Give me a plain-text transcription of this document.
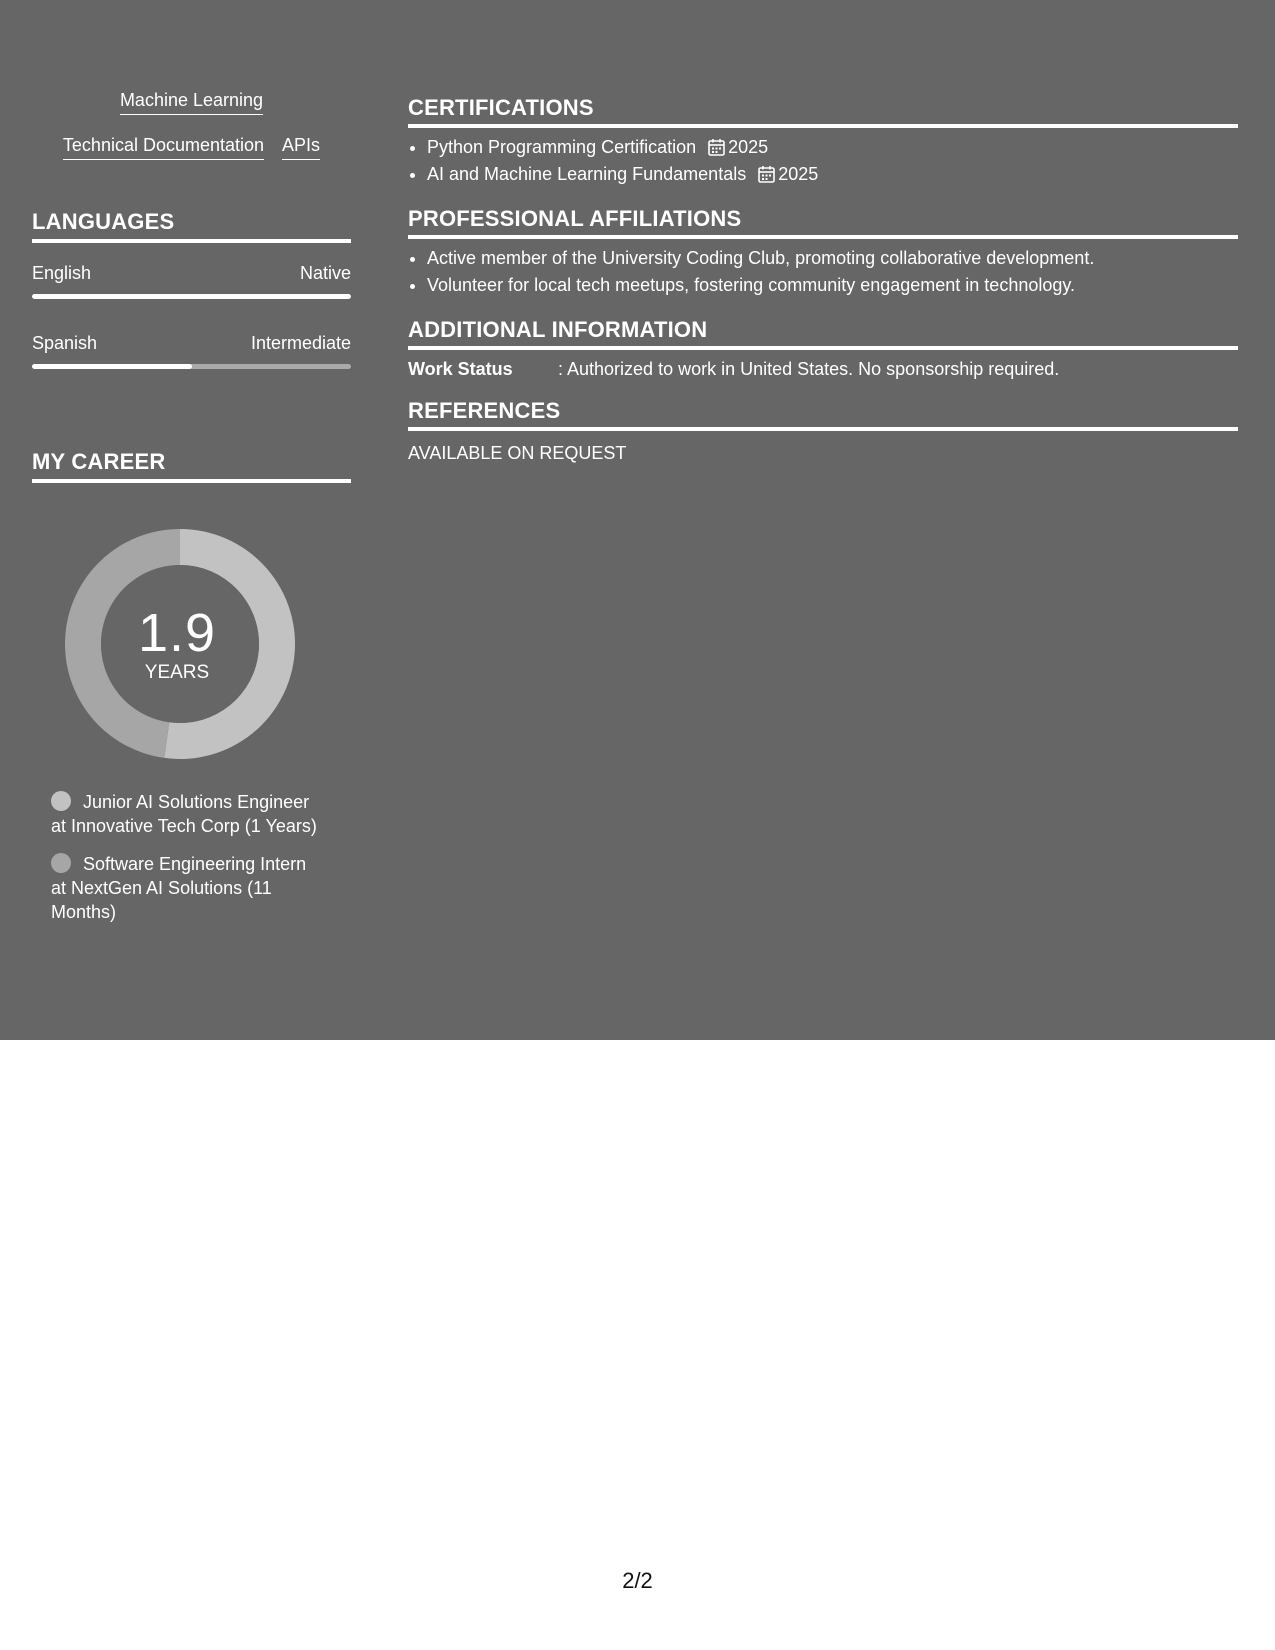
Machine Learning
Technical Documentation APIs
LANGUAGES
English	Native
Spanish	Intermediate
MY CAREER
1.9
YEARS
Junior AI Solutions Engineer at Innovative Tech Corp (1 Years)
Software Engineering Intern at NextGen AI Solutions (11 Months)
CERTIFICATIONS
• Python Programming Certification 2025
• AI and Machine Learning Fundamentals 2025
PROFESSIONAL AFFILIATIONS
• Active member of the University Coding Club, promoting collaborative development.
• Volunteer for local tech meetups, fostering community engagement in technology.
ADDITIONAL INFORMATION
Work Status	: Authorized to work in United States. No sponsorship required.
REFERENCES
AVAILABLE ON REQUEST
2/2
